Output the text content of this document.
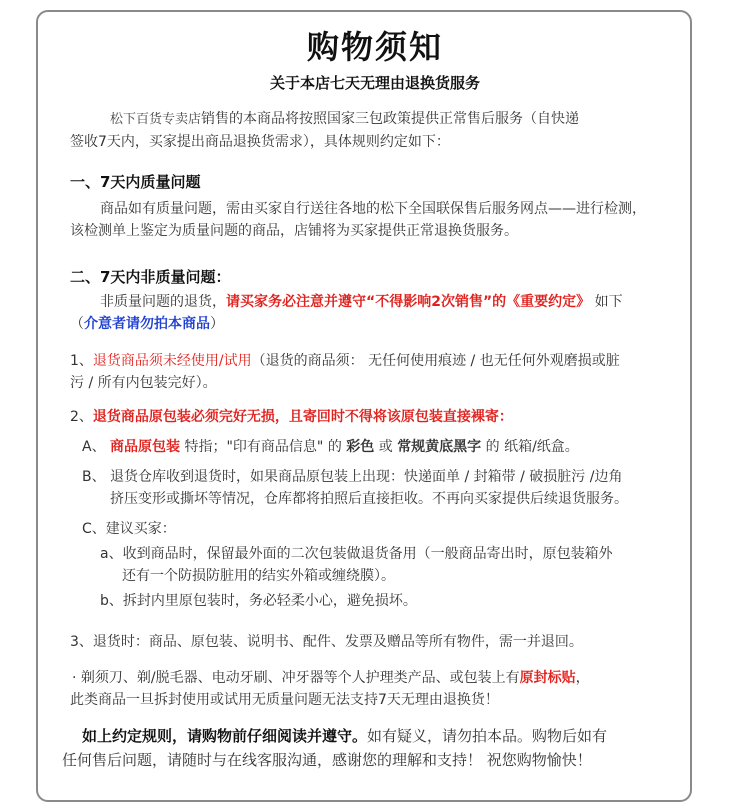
购物须知
关于本店七天无理由退换货服务
松下百货专卖店销售的本商品将按照国家三包政策提供正常售后服务（自快递
签收7天内，买家提出商品退换货需求），具体规则约定如下：
一、7天内质量问题
商品如有质量问题，需由买家自行送往各地的松下全国联保售后服务网点——进行检测，
该检测单上鉴定为质量问题的商品，店铺将为买家提供正常退换货服务。
二、7天内非质量问题：
非质量问题的退货，请买家务必注意并遵守“不得影响2次销售”的《重要约定》 如下
（介意者请勿拍本商品）
1、退货商品须未经使用/试用（退货的商品须： 无任何使用痕迹 / 也无任何外观磨损或脏
污 / 所有内包装完好）。
2、退货商品原包装必须完好无损，且寄回时不得将该原包装直接裸寄：
A、 商品原包装 特指；"印有商品信息" 的 彩色 或 常规黄底黑字 的 纸箱/纸盒。
B、 退货仓库收到退货时，如果商品原包装上出现：快递面单 / 封箱带 / 破损脏污 /边角
挤压变形或撕坏等情况，仓库都将拍照后直接拒收。不再向买家提供后续退货服务。
C、建议买家：
a、收到商品时，保留最外面的二次包装做退货备用（一般商品寄出时，原包装箱外
还有一个防损防脏用的结实外箱或缠绕膜）。
b、拆封内里原包装时，务必轻柔小心，避免损坏。
3、退货时：商品、原包装、说明书、配件、发票及赠品等所有物件，需一并退回。
· 剃须刀、剃/脱毛器、电动牙刷、冲牙器等个人护理类产品、或包装上有原封标贴，
此类商品一旦拆封使用或试用无质量问题无法支持7天无理由退换货！
如上约定规则，请购物前仔细阅读并遵守。如有疑义，请勿拍本品。购物后如有
任何售后问题，请随时与在线客服沟通，感谢您的理解和支持！ 祝您购物愉快！
